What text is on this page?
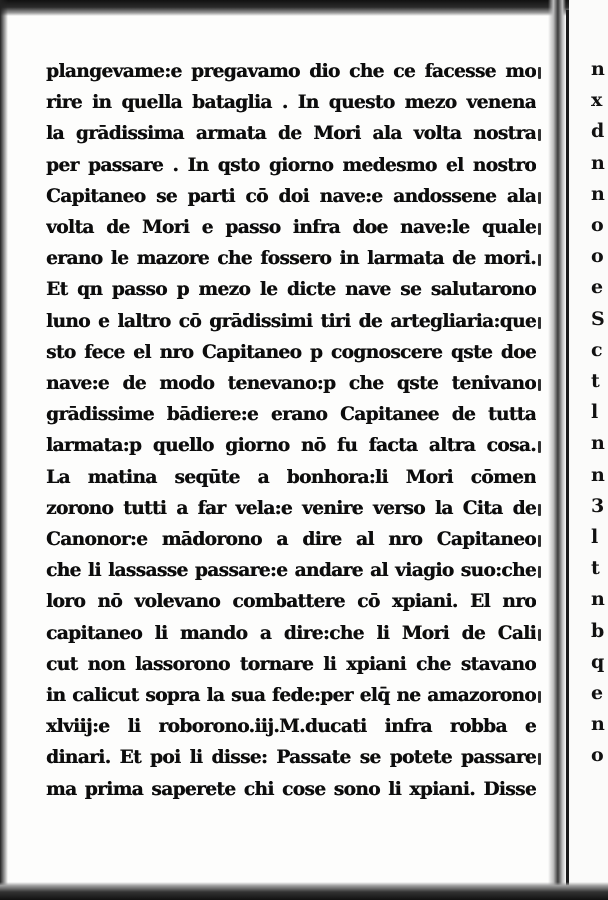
plangevame:e pregavamo dio che ce facesse mo
rire in quella bataglia . In questo mezo venena
la grādissima armata de Mori ala volta nostra
per passare . In qsto giorno medesmo el nostro
Capitaneo se parti cō doi nave:e andossene ala
volta de Mori e passo infra doe nave:le quale
erano le mazore che fossero in larmata de mori.
Et qn passo p mezo le dicte nave se salutarono
luno e laltro cō grādissimi tiri de artegliaria:que
sto fece el nro Capitaneo p cognoscere qste doe
nave:e de modo tenevano:p che qste tenivano
grādissime bādiere:e erano Capitanee de tutta
larmata:p quello giorno nō fu facta altra cosa.
La matina seqūte a bonhora:li Mori cōmen
zorono tutti a far vela:e venire verso la Cita de
Canonor:e mādorono a dire al nro Capitaneo
che li lassasse passare:e andare al viagio suo:che
loro nō volevano combattere cō xpiani. El nro
capitaneo li mando a dire:che li Mori de Cali
cut non lassorono tornare li xpiani che stavano
in calicut sopra la sua fede:per elq̄ ne amazorono
xlviij:e li roborono.iij.M.ducati infra robba e
dinari. Et poi li disse: Passate se potete passare
ma prima saperete chi cose sono li xpiani. Disse
n
x
d
n
n
o
o
e
S
c
t
l
n
n
3
l
t
n
b
q
e
n
o
